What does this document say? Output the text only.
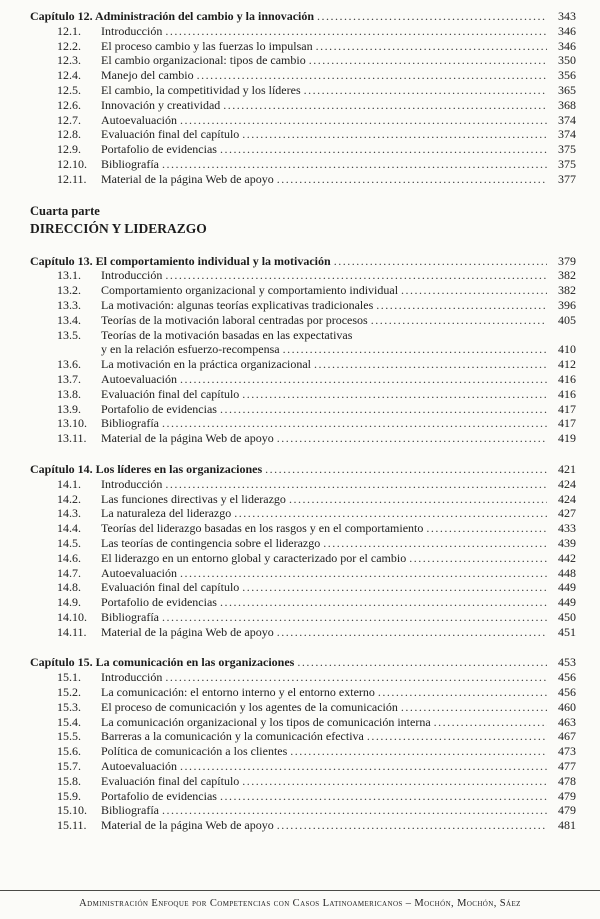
Capítulo 12. Administración del cambio y la innovación .....	343
12.1.	Introducción .....	346
12.2.	El proceso cambio y las fuerzas lo impulsan .....	346
12.3.	El cambio organizacional: tipos de cambio .....	350
12.4.	Manejo del cambio .....	356
12.5.	El cambio, la competitividad y los líderes .....	365
12.6.	Innovación y creatividad .....	368
12.7.	Autoevaluación .....	374
12.8.	Evaluación final del capítulo .....	374
12.9.	Portafolio de evidencias .....	375
12.10.	Bibliografía .....	375
12.11.	Material de la página Web de apoyo .....	377
Cuarta parte
DIRECCIÓN Y LIDERAZGO
Capítulo 13. El comportamiento individual y la motivación .....	379
13.1.	Introducción .....	382
13.2.	Comportamiento organizacional y comportamiento individual .....	382
13.3.	La motivación: algunas teorías explicativas tradicionales .....	396
13.4.	Teorías de la motivación laboral centradas por procesos .....	405
13.5.	Teorías de la motivación basadas en las expectativas
y en la relación esfuerzo-recompensa .....	410
13.6.	La motivación en la práctica organizacional .....	412
13.7.	Autoevaluación .....	416
13.8.	Evaluación final del capítulo .....	416
13.9.	Portafolio de evidencias .....	417
13.10.	Bibliografía .....	417
13.11.	Material de la página Web de apoyo .....	419
Capítulo 14. Los líderes en las organizaciones .....	421
14.1.	Introducción .....	424
14.2.	Las funciones directivas y el liderazgo .....	424
14.3.	La naturaleza del liderazgo .....	427
14.4.	Teorías del liderazgo basadas en los rasgos y en el comportamiento .....	433
14.5.	Las teorías de contingencia sobre el liderazgo .....	439
14.6.	El liderazgo en un entorno global y caracterizado por el cambio .....	442
14.7.	Autoevaluación .....	448
14.8.	Evaluación final del capítulo .....	449
14.9.	Portafolio de evidencias .....	449
14.10.	Bibliografía .....	450
14.11.	Material de la página Web de apoyo .....	451
Capítulo 15. La comunicación en las organizaciones .....	453
15.1.	Introducción .....	456
15.2.	La comunicación: el entorno interno y el entorno externo .....	456
15.3.	El proceso de comunicación y los agentes de la comunicación .....	460
15.4.	La comunicación organizacional y los tipos de comunicación interna .....	463
15.5.	Barreras a la comunicación y la comunicación efectiva .....	467
15.6.	Política de comunicación a los clientes .....	473
15.7.	Autoevaluación .....	477
15.8.	Evaluación final del capítulo .....	478
15.9.	Portafolio de evidencias .....	479
15.10.	Bibliografía .....	479
15.11.	Material de la página Web de apoyo .....	481
Administración Enfoque por Competencias con Casos Latinoamericanos – Mochón, Mochón, Sáez
